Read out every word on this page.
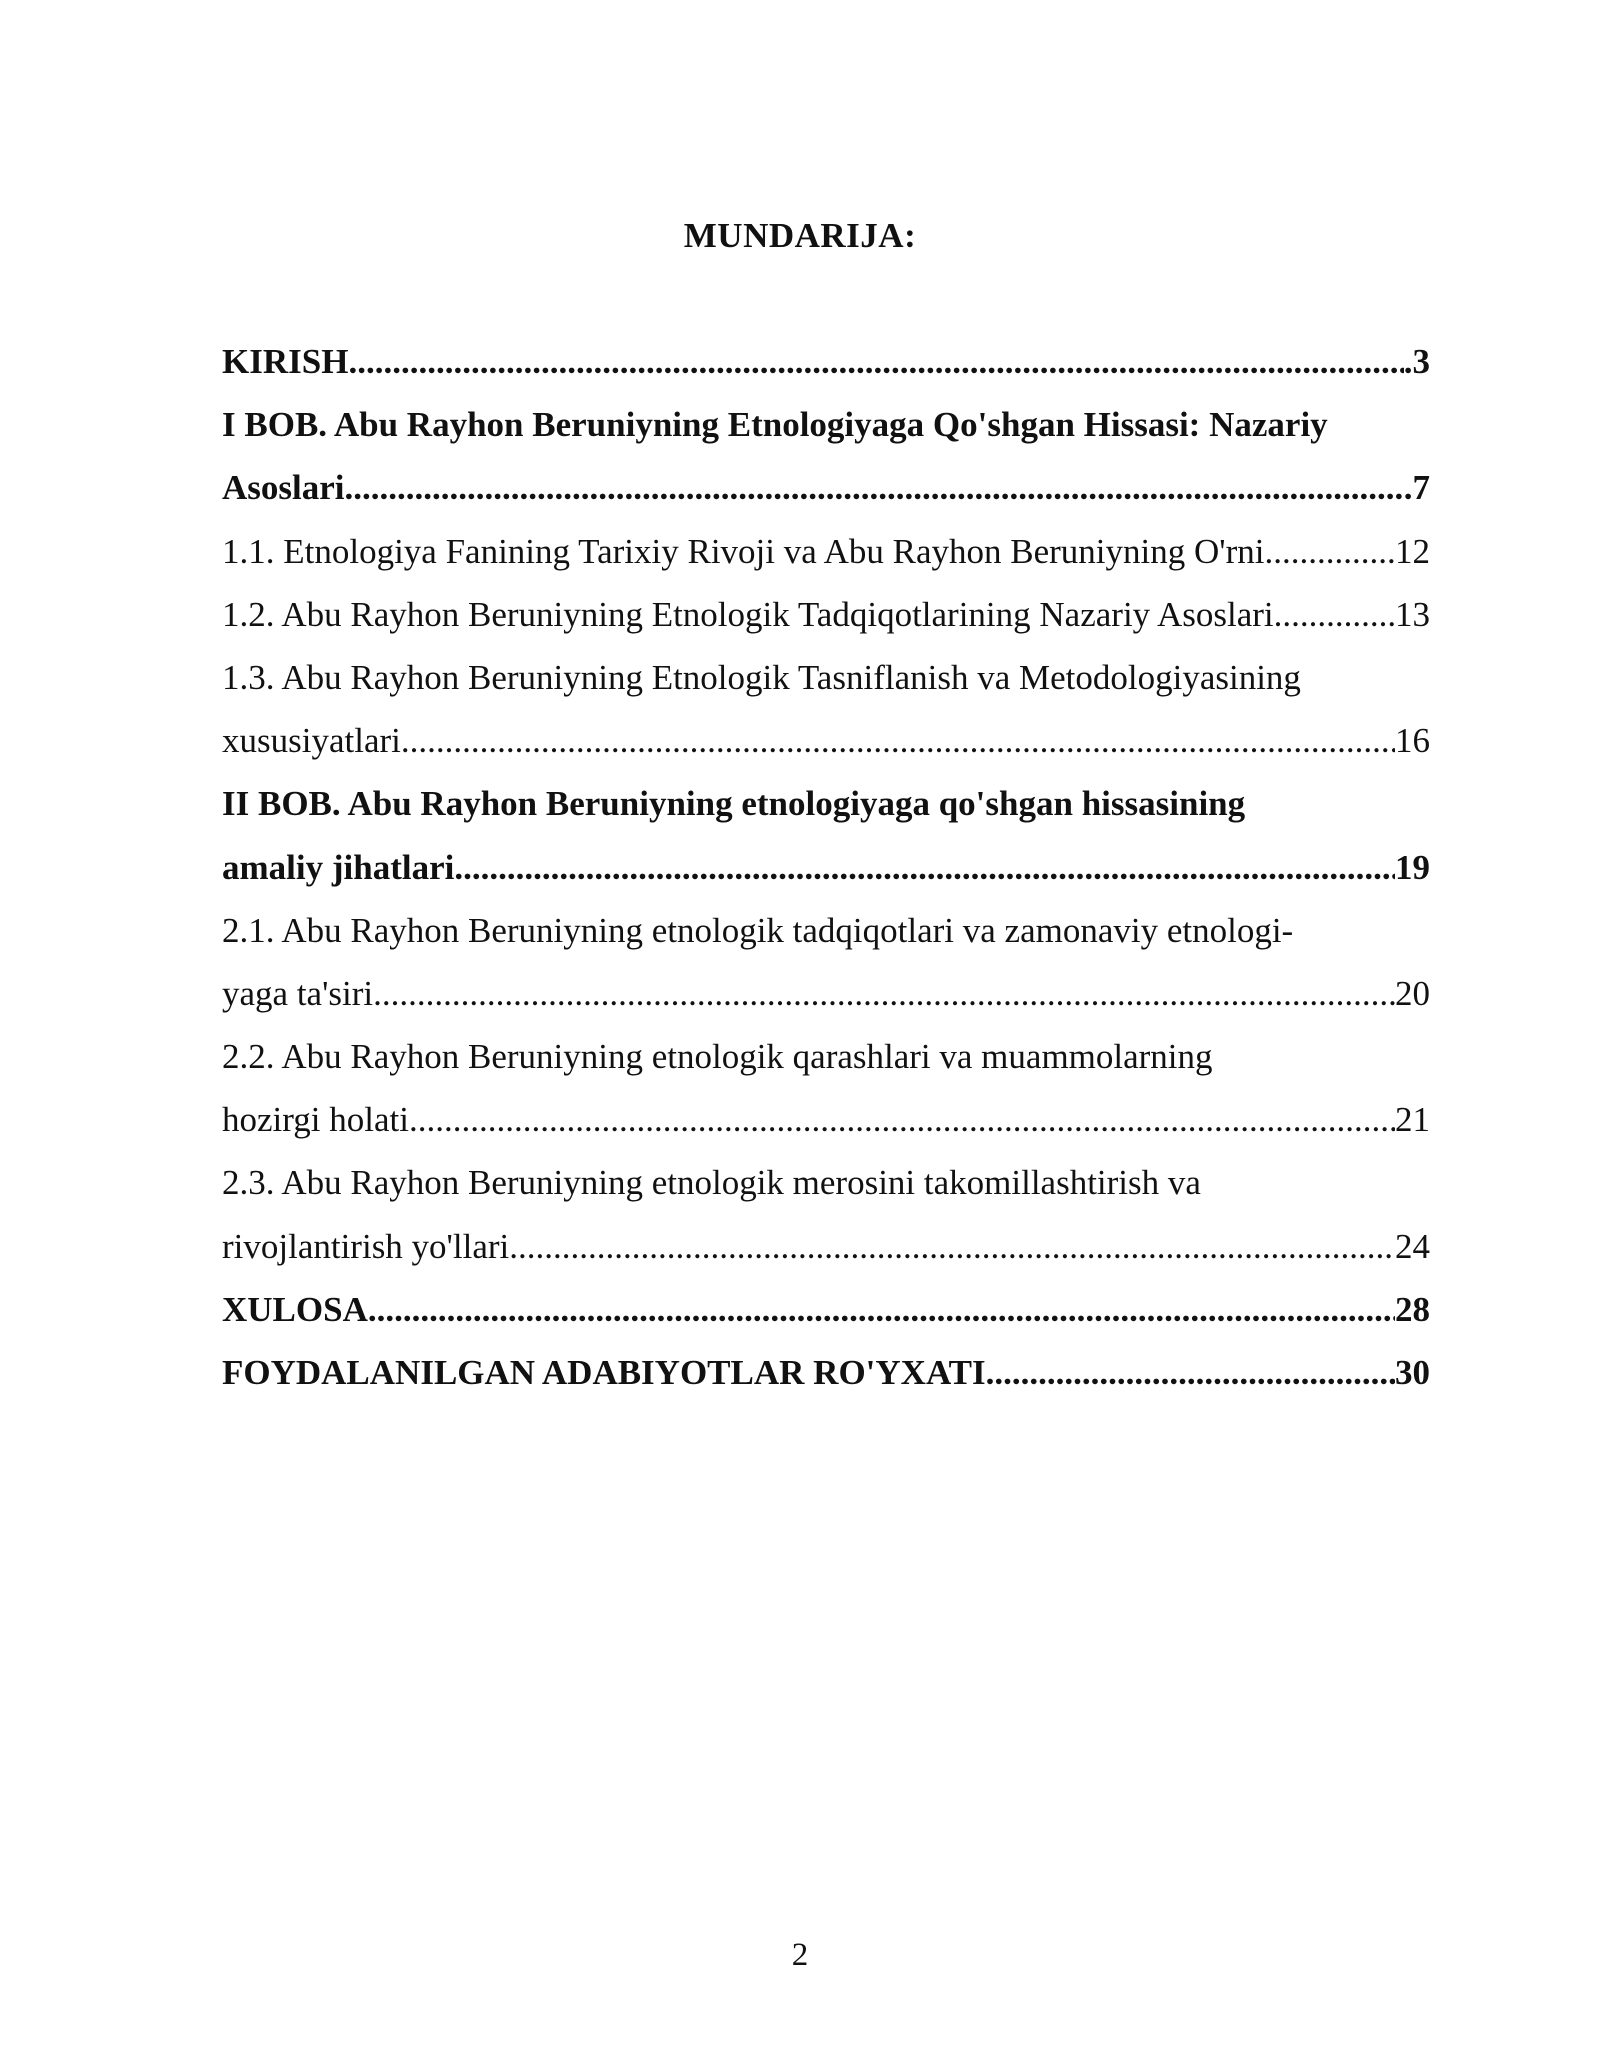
MUNDARIJA:
KIRISH .....	.3
I BOB. Abu Rayhon Beruniyning Etnologiyaga Qo'shgan Hissasi: Nazariy
Asoslari .....	.7
1.1. Etnologiya Fanining Tarixiy Rivoji va Abu Rayhon Beruniyning O'rni .....	12
1.2. Abu Rayhon Beruniyning Etnologik Tadqiqotlarining Nazariy Asoslari .....	13
1.3. Abu Rayhon Beruniyning Etnologik Tasniflanish va Metodologiyasining
xususiyatlari .....	16
II BOB. Abu Rayhon Beruniyning etnologiyaga qo'shgan hissasining
amaliy jihatlari .....	19
2.1. Abu Rayhon Beruniyning etnologik tadqiqotlari va zamonaviy etnologi-
yaga ta'siri .....	20
2.2. Abu Rayhon Beruniyning etnologik qarashlari va muammolarning
hozirgi holati .....	21
2.3. Abu Rayhon Beruniyning etnologik merosini takomillashtirish va
rivojlantirish yo'llari .....	24
XULOSA .....	28
FOYDALANILGAN ADABIYOTLAR RO'YXATI .....	30
2
